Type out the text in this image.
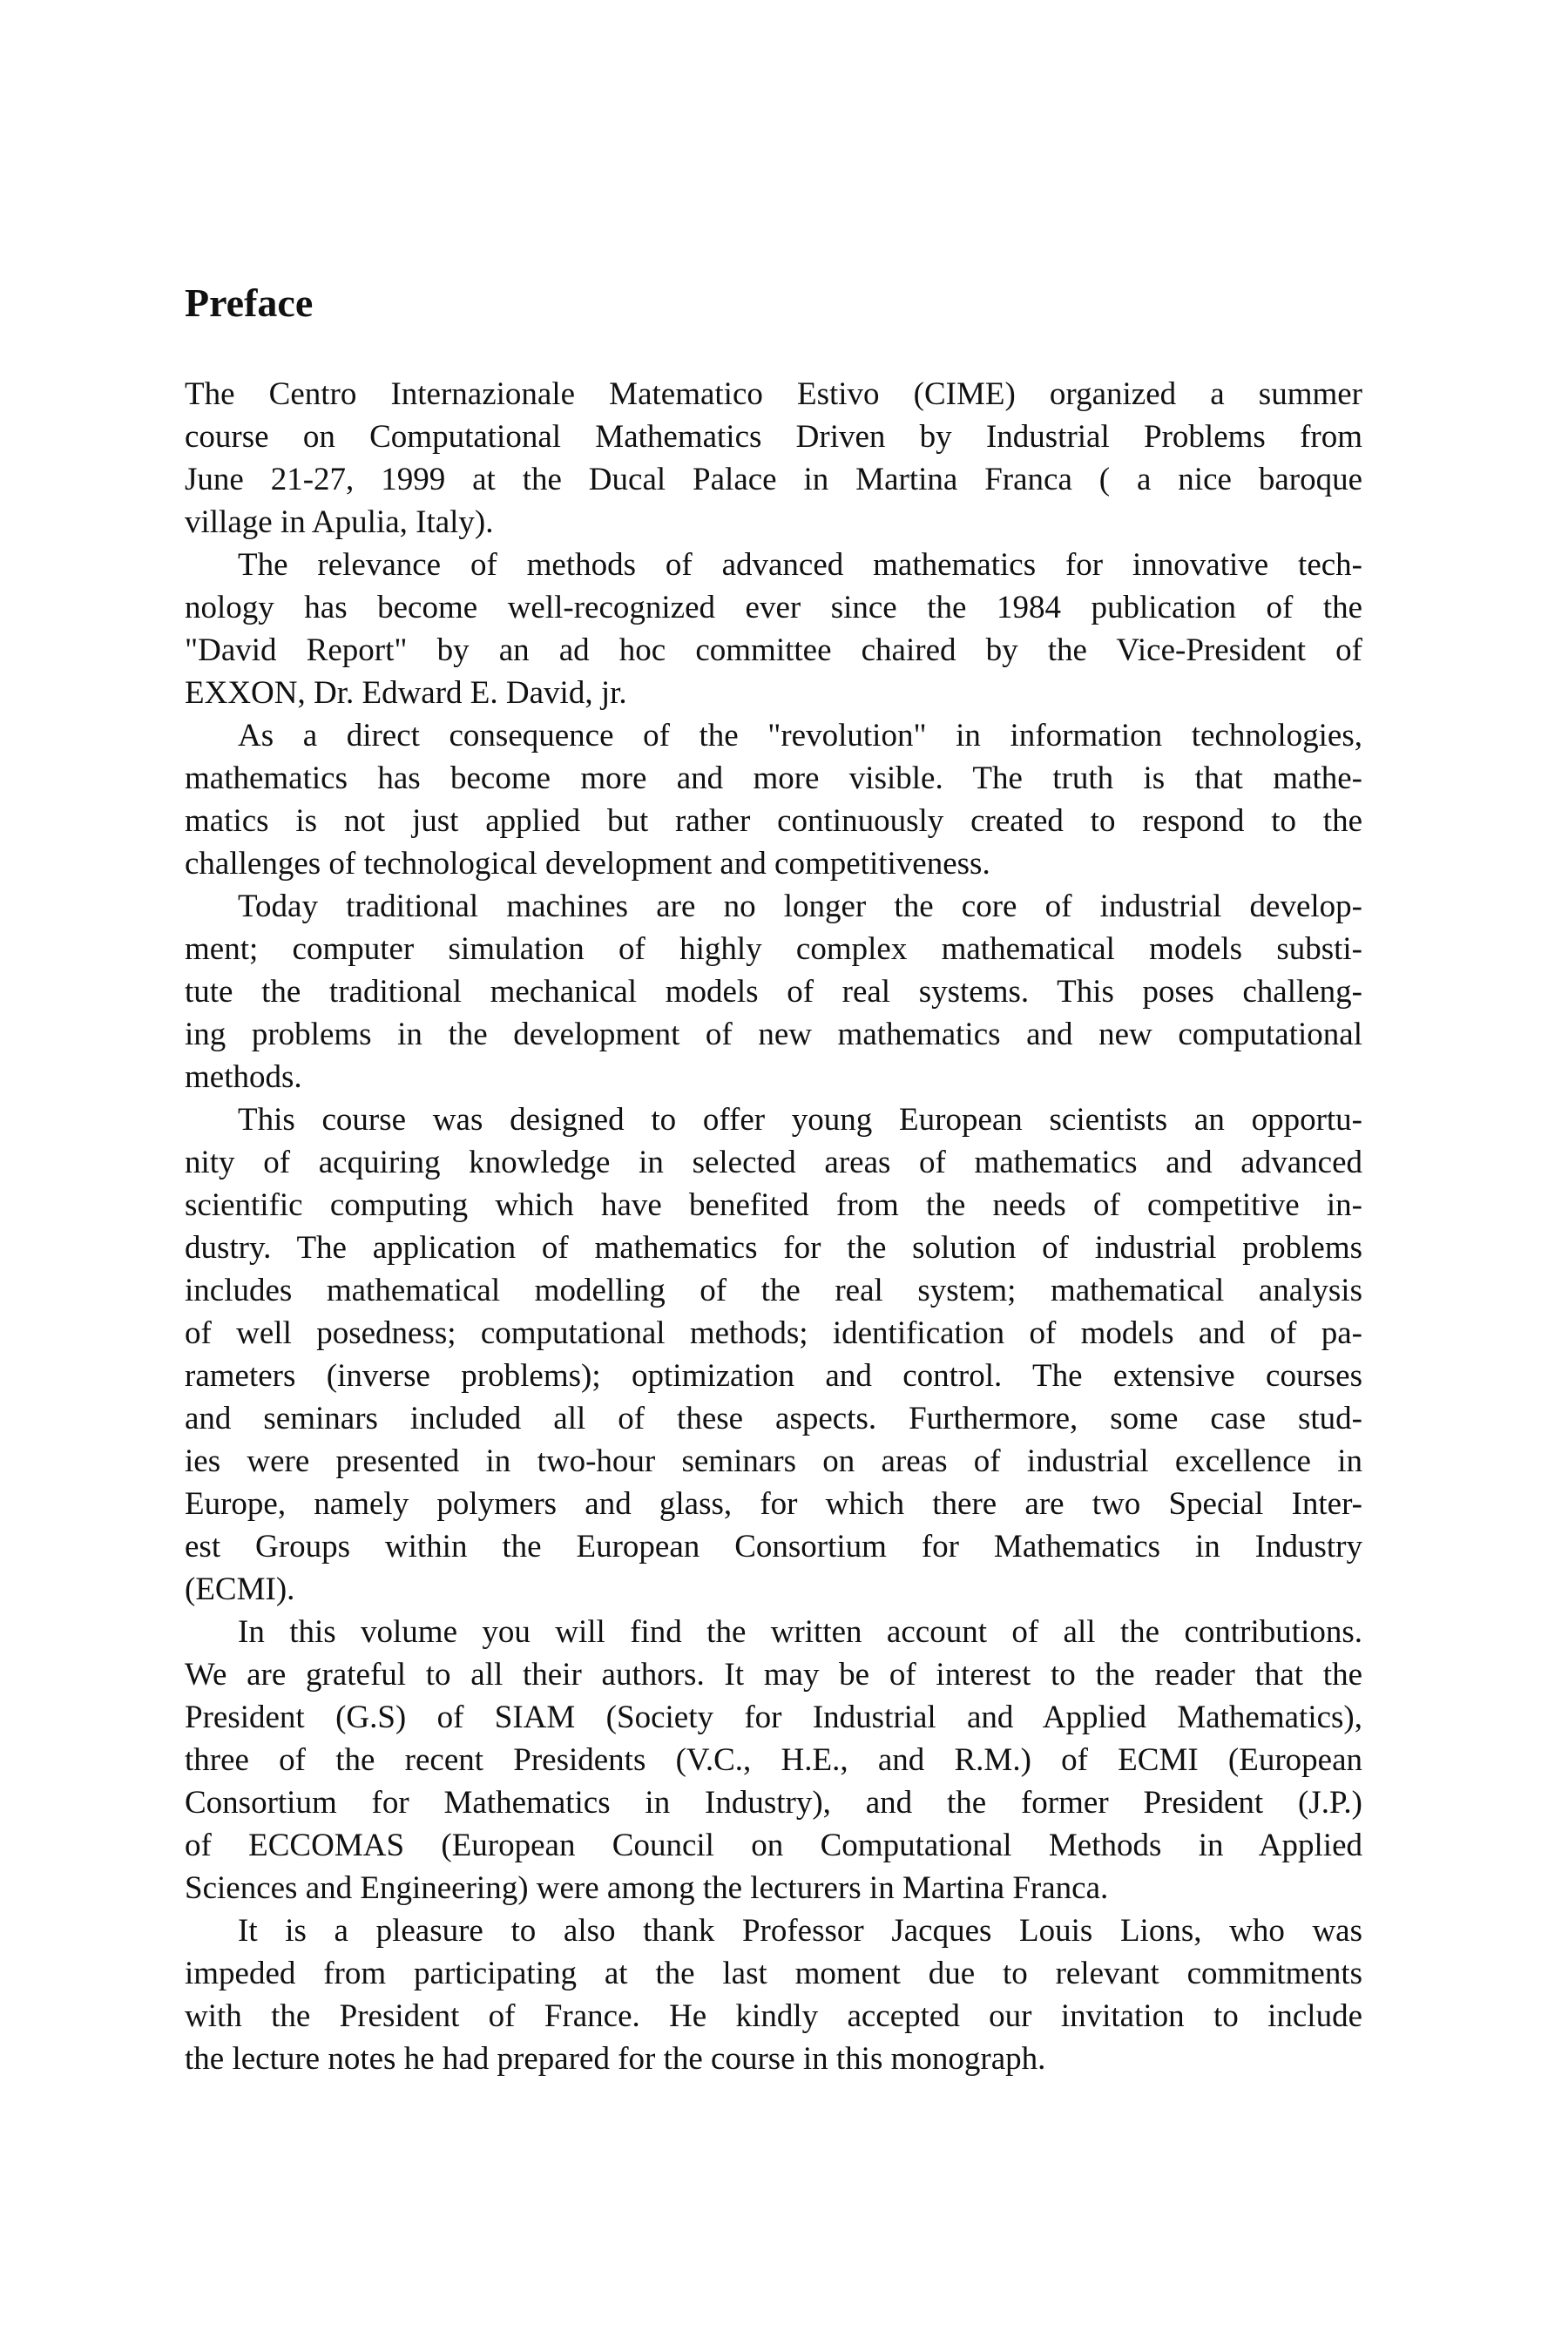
Preface
The Centro Internazionale Matematico Estivo (CIME) organized a summer
course on Computational Mathematics Driven by Industrial Problems from
June 21-27, 1999 at the Ducal Palace in Martina Franca ( a nice baroque
village in Apulia, Italy).
The relevance of methods of advanced mathematics for innovative tech-
nology has become well-recognized ever since the 1984 publication of the
"David Report" by an ad hoc committee chaired by the Vice-President of
EXXON, Dr. Edward E. David, jr.
As a direct consequence of the "revolution" in information technologies,
mathematics has become more and more visible. The truth is that mathe-
matics is not just applied but rather continuously created to respond to the
challenges of technological development and competitiveness.
Today traditional machines are no longer the core of industrial develop-
ment; computer simulation of highly complex mathematical models substi-
tute the traditional mechanical models of real systems. This poses challeng-
ing problems in the development of new mathematics and new computational
methods.
This course was designed to offer young European scientists an opportu-
nity of acquiring knowledge in selected areas of mathematics and advanced
scientific computing which have benefited from the needs of competitive in-
dustry. The application of mathematics for the solution of industrial problems
includes mathematical modelling of the real system; mathematical analysis
of well posedness; computational methods; identification of models and of pa-
rameters (inverse problems); optimization and control. The extensive courses
and seminars included all of these aspects. Furthermore, some case stud-
ies were presented in two-hour seminars on areas of industrial excellence in
Europe, namely polymers and glass, for which there are two Special Inter-
est Groups within the European Consortium for Mathematics in Industry
(ECMI).
In this volume you will find the written account of all the contributions.
We are grateful to all their authors. It may be of interest to the reader that the
President (G.S) of SIAM (Society for Industrial and Applied Mathematics),
three of the recent Presidents (V.C., H.E., and R.M.) of ECMI (European
Consortium for Mathematics in Industry), and the former President (J.P.)
of ECCOMAS (European Council on Computational Methods in Applied
Sciences and Engineering) were among the lecturers in Martina Franca.
It is a pleasure to also thank Professor Jacques Louis Lions, who was
impeded from participating at the last moment due to relevant commitments
with the President of France. He kindly accepted our invitation to include
the lecture notes he had prepared for the course in this monograph.
